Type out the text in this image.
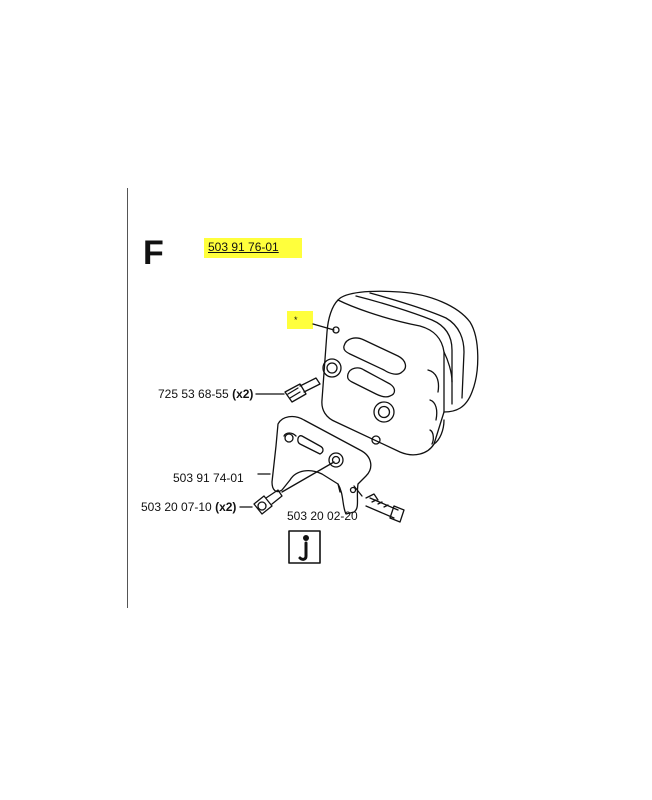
F	503 91 76-01
*
725 53 68-55 (x2)
503 91 74-01
503 20 07-10 (x2)
503 20 02-20
